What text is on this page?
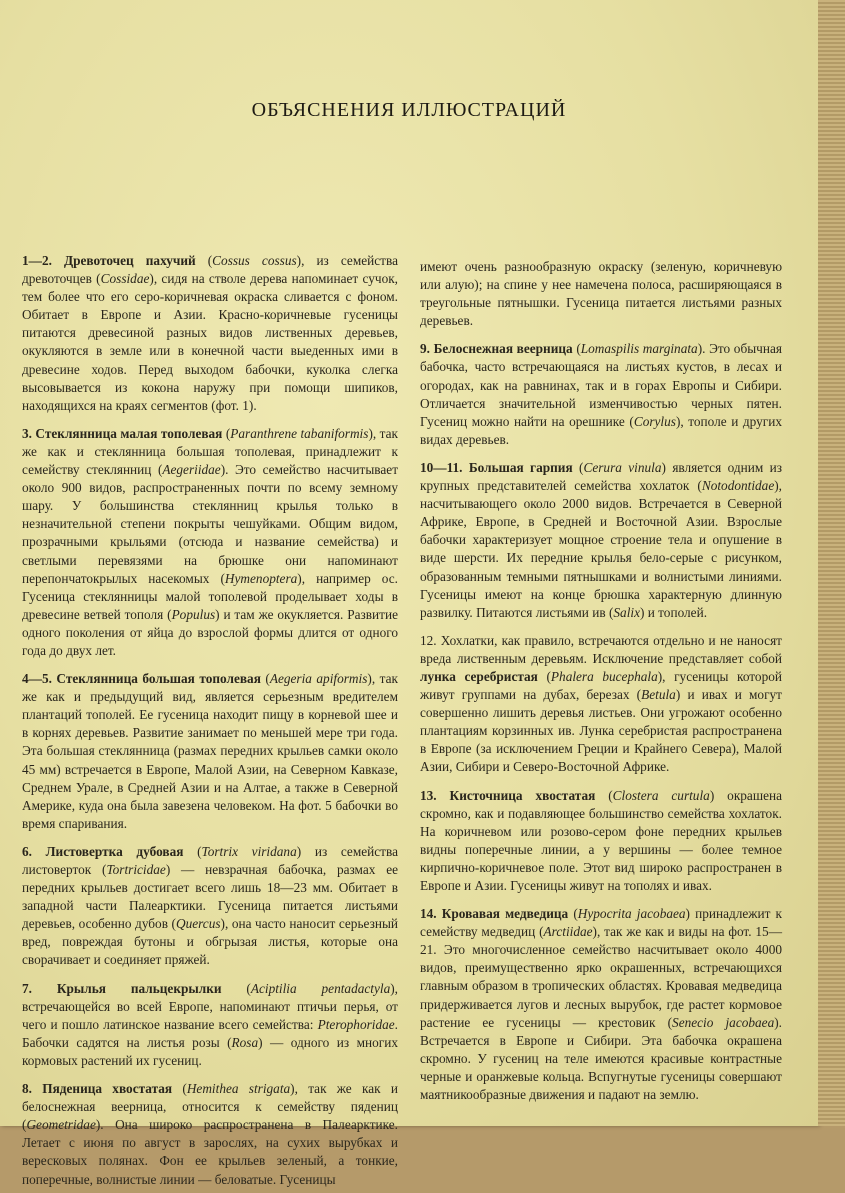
ОБЪЯСНЕНИЯ ИЛЛЮСТРАЦИЙ

1—2. Древоточец пахучий (Cossus cossus), из семейства древоточцев (Cossidae), сидя на стволе дерева напоминает сучок, тем более что его серо-коричневая окраска сливается с фоном. Обитает в Европе и Азии. Красно-коричневые гусеницы питаются древесиной разных видов лиственных деревьев, окукляются в земле или в конечной части выеденных ими в древесине ходов. Перед выходом бабочки, куколка слегка высовывается из кокона наружу при помощи шипиков, находящихся на краях сегментов (фот. 1).

3. Стеклянница малая тополевая (Paranthrene tabaniformis), так же как и стеклянница большая тополевая, принадлежит к семейству стеклянниц (Aegeriidae). Это семейство насчитывает около 900 видов, распространенных почти по всему земному шару. У большинства стеклянниц крылья только в незначительной степени покрыты чешуйками. Общим видом, прозрачными крыльями (отсюда и название семейства) и светлыми перевязями на брюшке они напоминают перепончатокрылых насекомых (Hymenoptera), например ос. Гусеница стеклянницы малой тополевой проделывает ходы в древесине ветвей тополя (Populus) и там же окукляется. Развитие одного поколения от яйца до взрослой формы длится от одного года до двух лет.

4—5. Стеклянница большая тополевая (Aegeria apiformis), так же как и предыдущий вид, является серьезным вредителем плантаций тополей. Ее гусеница находит пищу в корневой шее и в корнях деревьев. Развитие занимает по меньшей мере три года. Эта большая стеклянница (размах передних крыльев самки около 45 мм) встречается в Европе, Малой Азии, на Северном Кавказе, Среднем Урале, в Средней Азии и на Алтае, а также в Северной Америке, куда она была завезена человеком. На фот. 5 бабочки во время спаривания.

6. Листовертка дубовая (Tortrix viridana) из семейства листоверток (Tortricidae) — невзрачная бабочка, размах ее передних крыльев достигает всего лишь 18—23 мм. Обитает в западной части Палеарктики. Гусеница питается листьями деревьев, особенно дубов (Quercus), она часто наносит серьезный вред, повреждая бутоны и обгрызая листья, которые она сворачивает и соединяет пряжей.

7. Крылья пальцекрылки (Aciptilia pentadactyla), встречающейся во всей Европе, напоминают птичьи перья, от чего и пошло латинское название всего семейства: Pterophoridae. Бабочки садятся на листья розы (Rosa) — одного из многих кормовых растений их гусениц.

8. Пяденица хвостатая (Hemithea strigata), так же как и белоснежная веерница, относится к семейству пядениц (Geometridae). Она широко распространена в Палеарктике. Летает с июня по август в зарослях, на сухих вырубках и вересковых полянах. Фон ее крыльев зеленый, а тонкие, поперечные, волнистые линии — беловатые. Гусеницы

имеют очень разнообразную окраску (зеленую, коричневую или алую); на спине у нее намечена полоса, расширяющаяся в треугольные пятнышки. Гусеница питается листьями разных деревьев.

9. Белоснежная веерница (Lomaspilis marginata). Это обычная бабочка, часто встречающаяся на листьях кустов, в лесах и огородах, как на равнинах, так и в горах Европы и Сибири. Отличается значительной изменчивостью черных пятен. Гусениц можно найти на орешнике (Corylus), тополе и других видах деревьев.

10—11. Большая гарпия (Cerura vinula) является одним из крупных представителей семейства хохлаток (Notodontidae), насчитывающего около 2000 видов. Встречается в Северной Африке, Европе, в Средней и Восточной Азии. Взрослые бабочки характеризует мощное строение тела и опушение в виде шерсти. Их передние крылья бело-серые с рисунком, образованным темными пятнышками и волнистыми линиями. Гусеницы имеют на конце брюшка характерную длинную развилку. Питаются листьями ив (Salix) и тополей.

12. Хохлатки, как правило, встречаются отдельно и не наносят вреда лиственным деревьям. Исключение представляет собой лунка серебристая (Phalera bucephala), гусеницы которой живут группами на дубах, березах (Betula) и ивах и могут совершенно лишить деревья листьев. Они угрожают особенно плантациям корзинных ив. Лунка серебристая распространена в Европе (за исключением Греции и Крайнего Севера), Малой Азии, Сибири и Северо-Восточной Африке.

13. Кисточница хвостатая (Clostera curtula) окрашена скромно, как и подавляющее большинство семейства хохлаток. На коричневом или розово-сером фоне передних крыльев видны поперечные линии, а у вершины — более темное кирпично-коричневое поле. Этот вид широко распространен в Европе и Азии. Гусеницы живут на тополях и ивах.

14. Кровавая медведица (Hypocrita jacobaea) принадлежит к семейству медведиц (Arctiidae), так же как и виды на фот. 15—21. Это многочисленное семейство насчитывает около 4000 видов, преимущественно ярко окрашенных, встречающихся главным образом в тропических областях. Кровавая медведица придерживается лугов и лесных вырубок, где растет кормовое растение ее гусеницы — крестовик (Senecio jacobaea). Встречается в Европе и Сибири. Эта бабочка окрашена скромно. У гусениц на теле имеются красивые контрастные черные и оранжевые кольца. Вспугнутые гусеницы совершают маятникообразные движения и падают на землю.
